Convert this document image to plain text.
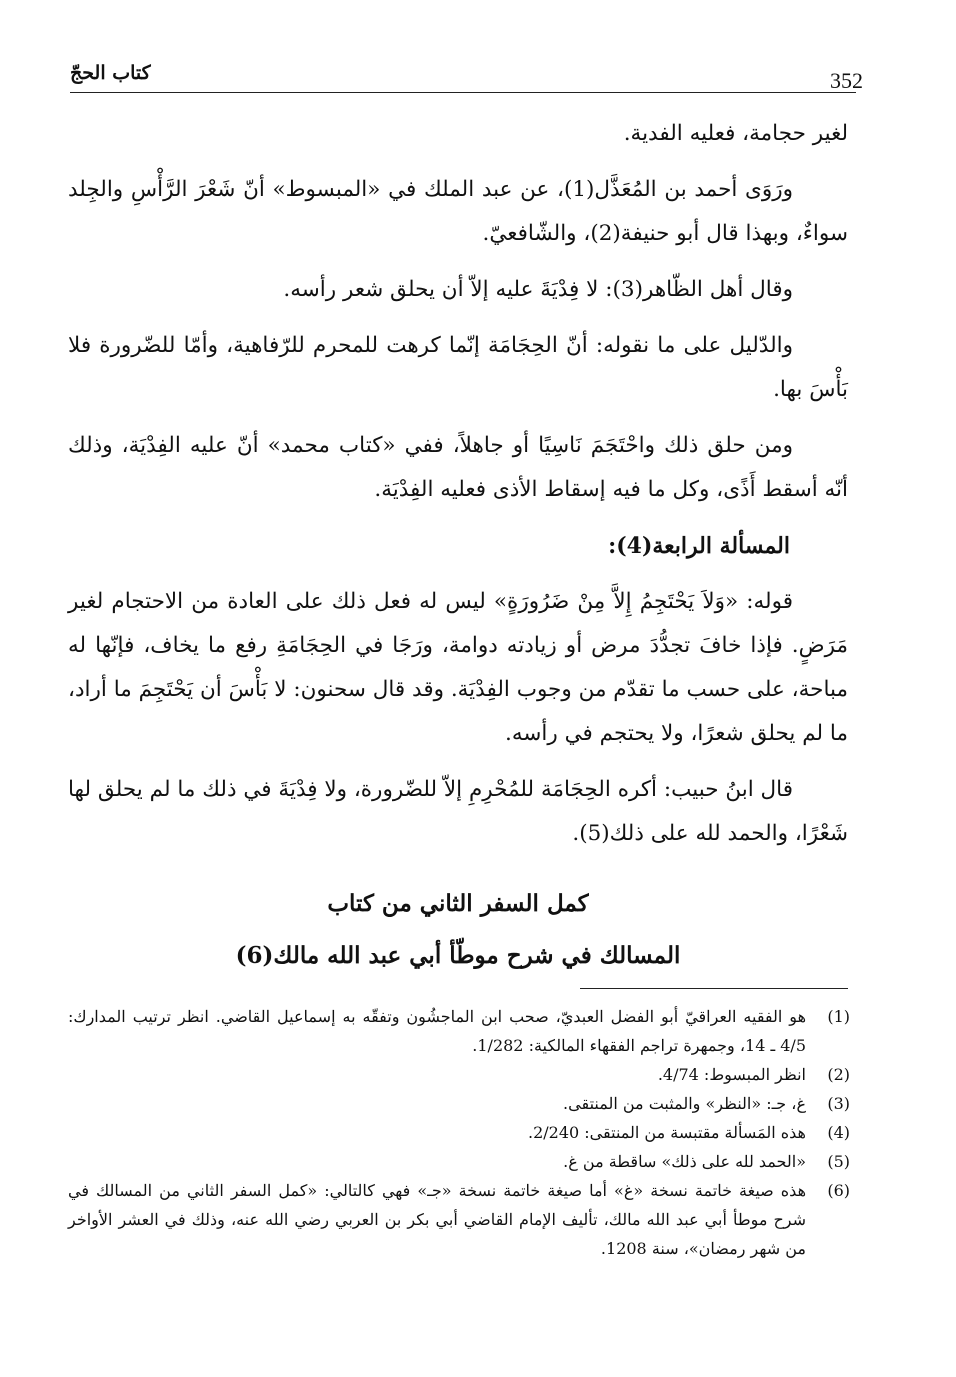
352
كتاب الحجّ

لغير حجامة، فعليه الفدية.

ورَوَى أحمد بن المُعَذَّل(1)، عن عبد الملك في «المبسوط» أنّ شَعْرَ الرَّأْسِ والجِلد سواءٌ، وبهذا قال أبو حنيفة(2)، والشّافعيّ.

وقال أهل الظّاهر(3): لا فِدْيَةَ عليه إلاّ أن يحلق شعر رأسه.

والدّليل على ما نقوله: أنّ الحِجَامَة إنّما كرهت للمحرم للرّفاهية، وأمّا للضّرورة فلا بَأْسَ بها.

ومن حلق ذلك واحْتَجَمَ نَاسِيًا أو جاهلاً، ففي «كتاب محمد» أنّ عليه الفِدْيَة، وذلك أنّه أسقط أَذًى، وكل ما فيه إسقاط الأذى فعليه الفِدْيَة.

المسألة الرابعة(4):

قوله: «وَلاَ يَحْتَجِمُ إِلاَّ مِنْ ضَرُورَةٍ» ليس له فعل ذلك على العادة من الاحتجام لغير مَرَضٍ. فإذا خافَ تجدُّدَ مرض أو زيادته دوامة، ورَجَا في الحِجَامَةِ رفع ما يخاف، فإنّها له مباحة، على حسب ما تقدّم من وجوب الفِدْيَة. وقد قال سحنون: لا بَأْسَ أن يَحْتَجِمَ ما أراد، ما لم يحلق شعرًا، ولا يحتجم في رأسه.

قال ابنُ حبيب: أكره الحِجَامَة للمُحْرِمِ إلاّ للضّرورة، ولا فِدْيَةَ في ذلك ما لم يحلق لها شَعْرًا، والحمد لله على ذلك(5).

كمل السفر الثاني من كتاب
المسالك في شرح موطّأ أبي عبد الله مالك(6)
(1)
هو الفقيه العراقيّ أبو الفضل العبديّ، صحب ابن الماجشُون وتفقّه به إسماعيل القاضي. انظر ترتيب المدارك: 4/5 ـ 14، وجمهرة تراجم الفقهاء المالكية: 1/282.
(2)
انظر المبسوط: 4/74.
(3)
غ، جـ: «النظر» والمثبت من المنتقى.
(4)
هذه المَسألة مقتبسة من المنتقى: 2/240.
(5)
«الحمد لله على ذلك» ساقطة من غ.
(6)
هذه صيغة خاتمة نسخة «غ» أما صيغة خاتمة نسخة «جـ» فهي كالتالي: «كمل السفر الثاني من المسالك في شرح موطأ أبي عبد الله مالك، تأليف الإمام القاضي أبي بكر بن العربي رضي الله عنه، وذلك في العشر الأواخر من شهر رمضان»، سنة 1208.
